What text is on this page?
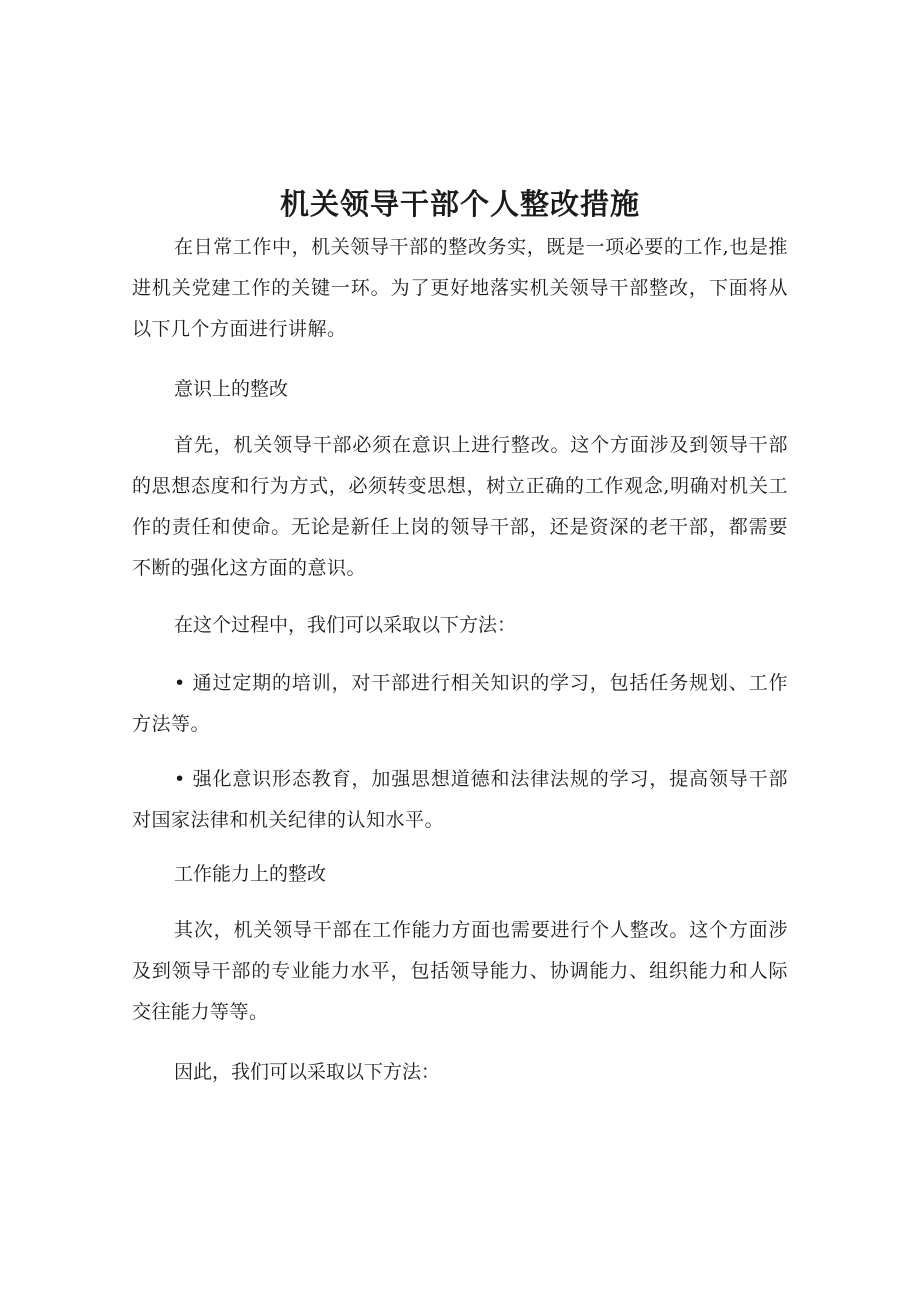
机关领导干部个人整改措施

在日常工作中，机关领导干部的整改务实，既是一项必要的工作,也是推进机关党建工作的关键一环。为了更好地落实机关领导干部整改，下面将从以下几个方面进行讲解。

意识上的整改

首先，机关领导干部必须在意识上进行整改。这个方面涉及到领导干部的思想态度和行为方式，必须转变思想，树立正确的工作观念,明确对机关工作的责任和使命。无论是新任上岗的领导干部，还是资深的老干部，都需要不断的强化这方面的意识。

在这个过程中，我们可以采取以下方法：

• 通过定期的培训，对干部进行相关知识的学习，包括任务规划、工作方法等。

• 强化意识形态教育，加强思想道德和法律法规的学习，提高领导干部对国家法律和机关纪律的认知水平。

工作能力上的整改

其次，机关领导干部在工作能力方面也需要进行个人整改。这个方面涉及到领导干部的专业能力水平，包括领导能力、协调能力、组织能力和人际交往能力等等。

因此，我们可以采取以下方法：
